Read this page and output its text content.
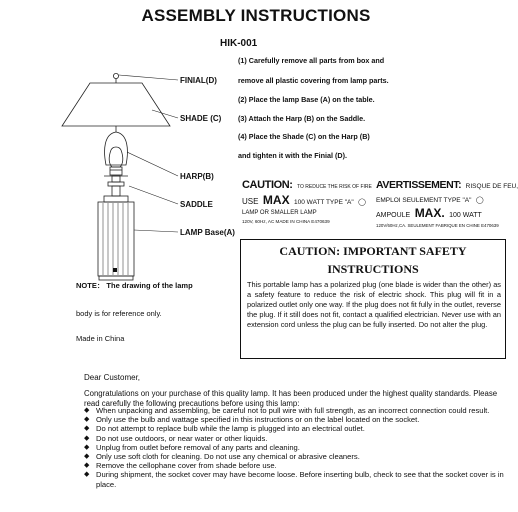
ASSEMBLY INSTRUCTIONS
HIK-001
FINIAL(D)
SHADE (C)
HARP(B)
SADDLE
LAMP Base(A)
(1) Carefully remove all parts from box and
remove all plastic covering from lamp parts.
(2) Place the lamp Base (A) on the table.
(3) Attach the Harp (B) on the Saddle.
(4) Place the Shade (C) on the Harp (B)
and tighten it with the Finial (D).
NOTE： The drawing of the lamp
body is for reference only.
Made in China
CAUTION: TO REDUCE THE RISK OF FIRE
USE MAX 100 WATT TYPE "A" ◯
LAMP OR SMALLER LAMP
120V, 60Hz, AC MADE IN CHINA E470639
AVERTISSEMENT: RISQUE DE FEU,
EMPLOI SEULEMENT TYPE "A" ◯
AMPOULE MAX. 100 WATT
120V/60Hz,CA. SEULEMENT FABRIQUE EN CHINE E470639
CAUTION: IMPORTANT SAFETY
INSTRUCTIONS
This portable lamp has a polarized plug (one blade is wider than the other) as a safety feature to reduce the risk of electric shock. This plug will fit in a polarized outlet only one way. If the plug does not fit fully in the outlet, reverse the plug. If it still does not fit, contact a qualified electrician. Never use with an extension cord unless the plug can be fully inserted. Do not alter the plug.
Dear Customer,
Congratulations on your purchase of this quality lamp. It has been produced under the highest quality standards. Please read carefully the following precautions before using this lamp:
◆ When unpacking and assembling, be careful not to pull wire with full strength, as an incorrect connection could result.
◆ Only use the bulb and wattage specified in this instructions or on the label located on the socket.
◆ Do not attempt to replace bulb while the lamp is plugged into an electrical outlet.
◆ Do not use outdoors, or near water or other liquids.
◆ Unplug from outlet before removal of any parts and cleaning.
◆ Only use soft cloth for cleaning. Do not use any chemical or abrasive cleaners.
◆ Remove the cellophane cover from shade before use.
◆ During shipment, the socket cover may have become loose. Before inserting bulb, check to see that the socket cover is in place.
